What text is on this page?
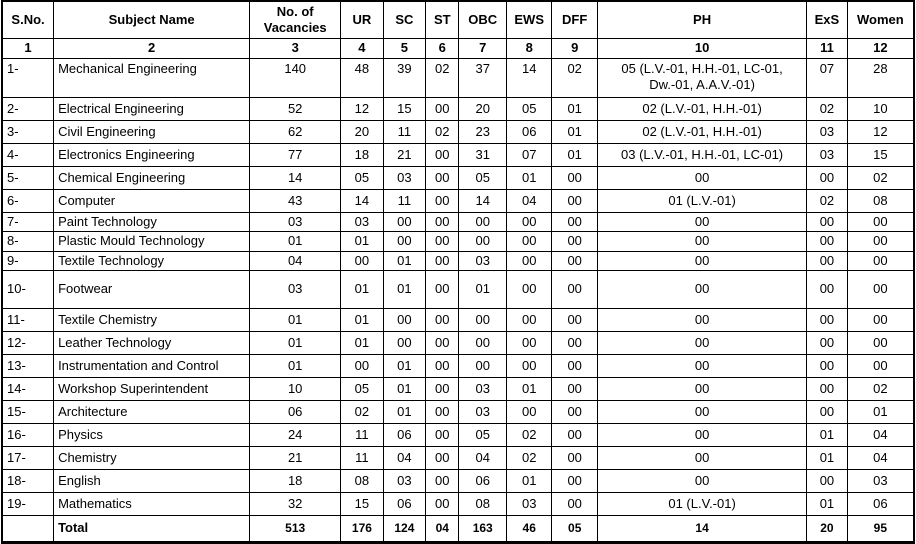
S.No.	Subject Name	No. of Vacancies	UR	SC	ST	OBC	EWS	DFF	PH	ExS	Women
1	2	3	4	5	6	7	8	9	10	11	12
1-	Mechanical Engineering	140	48	39	02	37	14	02	05 (L.V.-01, H.H.-01, LC-01, Dw.-01, A.A.V.-01)	07	28
2-	Electrical Engineering	52	12	15	00	20	05	01	02 (L.V.-01, H.H.-01)	02	10
3-	Civil Engineering	62	20	11	02	23	06	01	02 (L.V.-01, H.H.-01)	03	12
4-	Electronics Engineering	77	18	21	00	31	07	01	03 (L.V.-01, H.H.-01, LC-01)	03	15
5-	Chemical Engineering	14	05	03	00	05	01	00	00	00	02
6-	Computer	43	14	11	00	14	04	00	01 (L.V.-01)	02	08
7-	Paint Technology	03	03	00	00	00	00	00	00	00	00
8-	Plastic Mould Technology	01	01	00	00	00	00	00	00	00	00
9-	Textile Technology	04	00	01	00	03	00	00	00	00	00
10-	Footwear	03	01	01	00	01	00	00	00	00	00
11-	Textile Chemistry	01	01	00	00	00	00	00	00	00	00
12-	Leather Technology	01	01	00	00	00	00	00	00	00	00
13-	Instrumentation and Control	01	00	01	00	00	00	00	00	00	00
14-	Workshop Superintendent	10	05	01	00	03	01	00	00	00	02
15-	Architecture	06	02	01	00	03	00	00	00	00	01
16-	Physics	24	11	06	00	05	02	00	00	01	04
17-	Chemistry	21	11	04	00	04	02	00	00	01	04
18-	English	18	08	03	00	06	01	00	00	00	03
19-	Mathematics	32	15	06	00	08	03	00	01 (L.V.-01)	01	06
	Total	513	176	124	04	163	46	05	14	20	95
